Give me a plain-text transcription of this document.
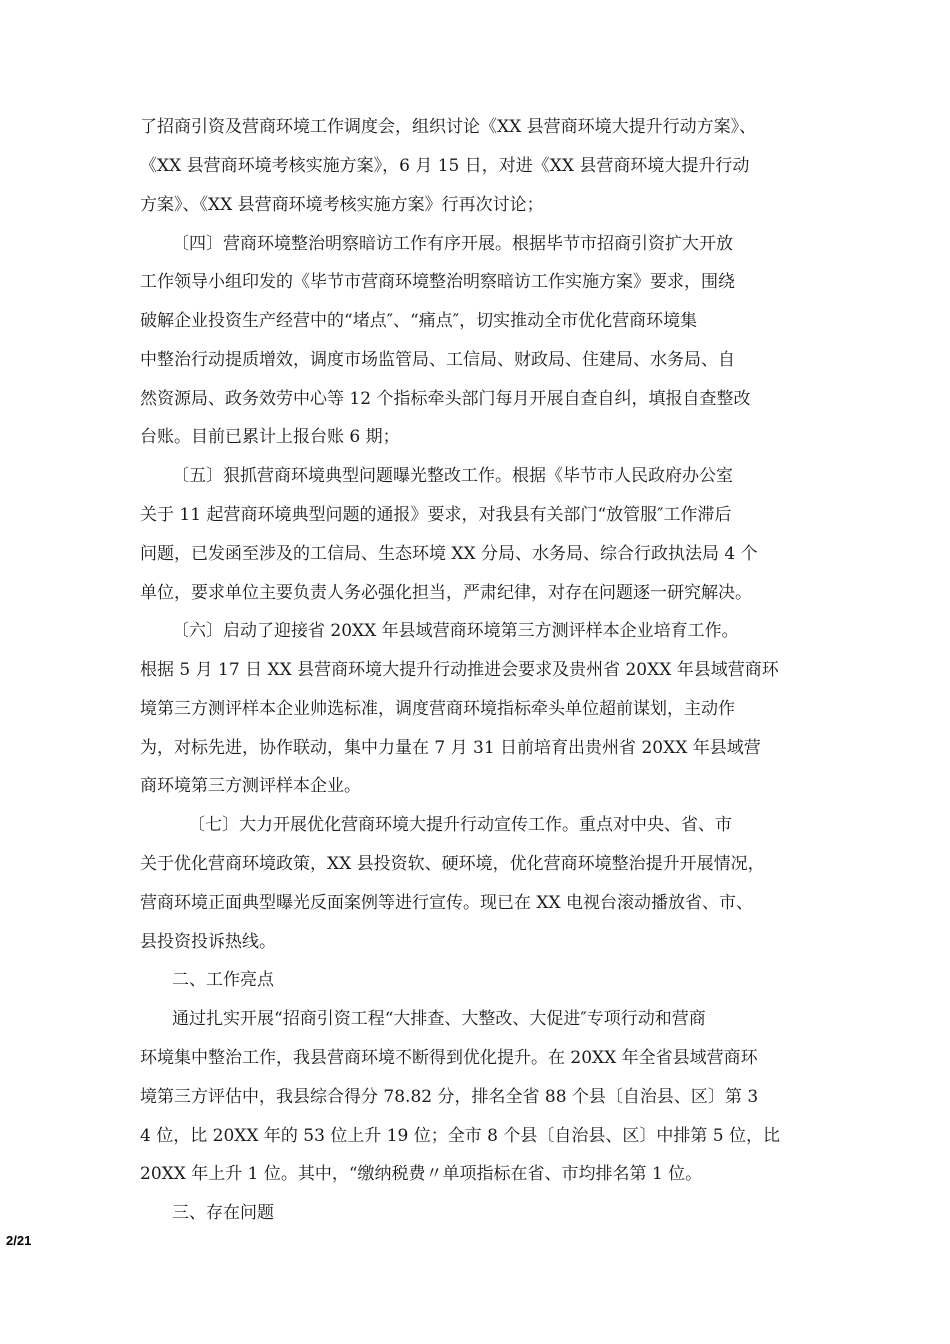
了招商引资及营商环境工作调度会，组织讨论《XX 县营商环境大提升行动方案》、
《XX 县营商环境考核实施方案》，6 月 15 日，对进《XX 县营商环境大提升行动
方案》、《XX 县营商环境考核实施方案》行再次讨论；
〔四〕营商环境整治明察暗访工作有序开展。根据毕节市招商引资扩大开放
工作领导小组印发的《毕节市营商环境整治明察暗访工作实施方案》要求，围绕
破解企业投资生产经营中的“堵点″、“痛点″，切实推动全市优化营商环境集
中整治行动提质增效，调度市场监管局、工信局、财政局、住建局、水务局、自
然资源局、政务效劳中心等 12 个指标牵头部门每月开展自查自纠，填报自查整改
台账。目前已累计上报台账 6 期；
〔五〕狠抓营商环境典型问题曝光整改工作。根据《毕节市人民政府办公室
关于 11 起营商环境典型问题的通报》要求，对我县有关部门“放管服″工作滞后
问题，已发函至涉及的工信局、生态环境 XX 分局、水务局、综合行政执法局 4 个
单位，要求单位主要负责人务必强化担当，严肃纪律，对存在问题逐一研究解决。
〔六〕启动了迎接省 20XX 年县域营商环境第三方测评样本企业培育工作。
根据 5 月 17 日 XX 县营商环境大提升行动推进会要求及贵州省 20XX 年县域营商环
境第三方测评样本企业帅选标准，调度营商环境指标牵头单位超前谋划，主动作
为，对标先进，协作联动，集中力量在 7 月 31 日前培育出贵州省 20XX 年县域营
商环境第三方测评样本企业。
〔七〕大力开展优化营商环境大提升行动宣传工作。重点对中央、省、市
关于优化营商环境政策，XX 县投资软、硬环境，优化营商环境整治提升开展情况，
营商环境正面典型曝光反面案例等进行宣传。现已在 XX 电视台滚动播放省、市、
县投资投诉热线。
二、工作亮点
通过扎实开展“招商引资工程“大排查、大整改、大促进″专项行动和营商
环境集中整治工作，我县营商环境不断得到优化提升。在 20XX 年全省县域营商环
境第三方评估中，我县综合得分 78.82 分，排名全省 88 个县〔自治县、区〕第 3
4 位，比 20XX 年的 53 位上升 19 位；全市 8 个县〔自治县、区〕中排第 5 位，比
20XX 年上升 1 位。其中，“缴纳税费〃单项指标在省、市均排名第 1 位。
三、存在问题
2/21
